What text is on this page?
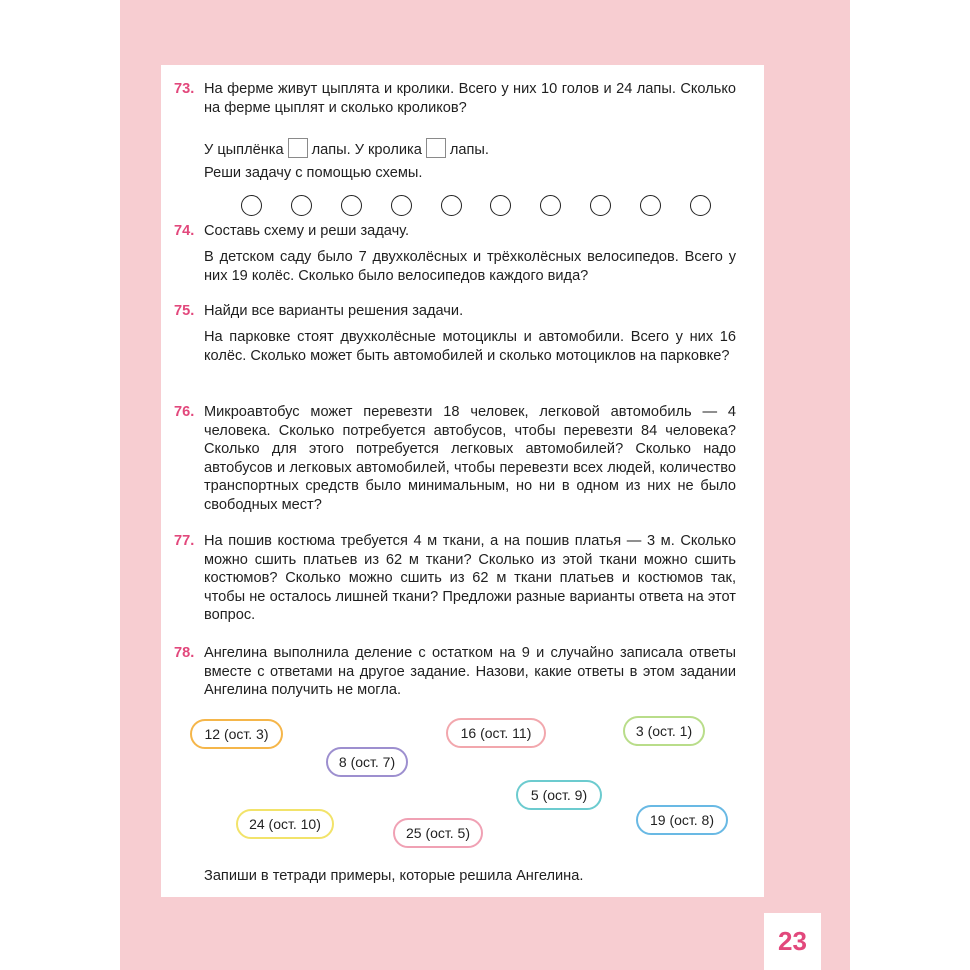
73. На ферме живут цыплята и кролики. Всего у них 10 голов и 24 лапы. Сколько на ферме цыплят и сколько кроликов?
У цыплёнка лапы. У кролика лапы.
Реши задачу с помощью схемы.
74. Составь схему и реши задачу.
В детском саду было 7 двухколёсных и трёхколёсных велосипедов. Всего у них 19 колёс. Сколько было велосипедов каждого вида?
75. Найди все варианты решения задачи.
На парковке стоят двухколёсные мотоциклы и автомобили. Всего у них 16 колёс. Сколько может быть автомобилей и сколько мотоциклов на парковке?
76. Микроавтобус может перевезти 18 человек, легковой автомобиль — 4 человека. Сколько потребуется автобусов, чтобы перевезти 84 человека? Сколько для этого потребуется легковых автомобилей? Сколько надо автобусов и легковых автомобилей, чтобы перевезти всех людей, количество транспортных средств было минимальным, но ни в одном из них не было свободных мест?
77. На пошив костюма требуется 4 м ткани, а на пошив платья — 3 м. Сколько можно сшить платьев из 62 м ткани? Сколько из этой ткани можно сшить костюмов? Сколько можно сшить из 62 м ткани платьев и костюмов так, чтобы не осталось лишней ткани? Предложи разные варианты ответа на этот вопрос.
78. Ангелина выполнила деление с остатком на 9 и случайно записала ответы вместе с ответами на другое задание. Назови, какие ответы в этом задании Ангелина получить не могла.
12 (ост. 3)	16 (ост. 11)	3 (ост. 1)
8 (ост. 7)
5 (ост. 9)
24 (ост. 10)
25 (ост. 5)
19 (ост. 8)
Запиши в тетради примеры, которые решила Ангелина.
23
